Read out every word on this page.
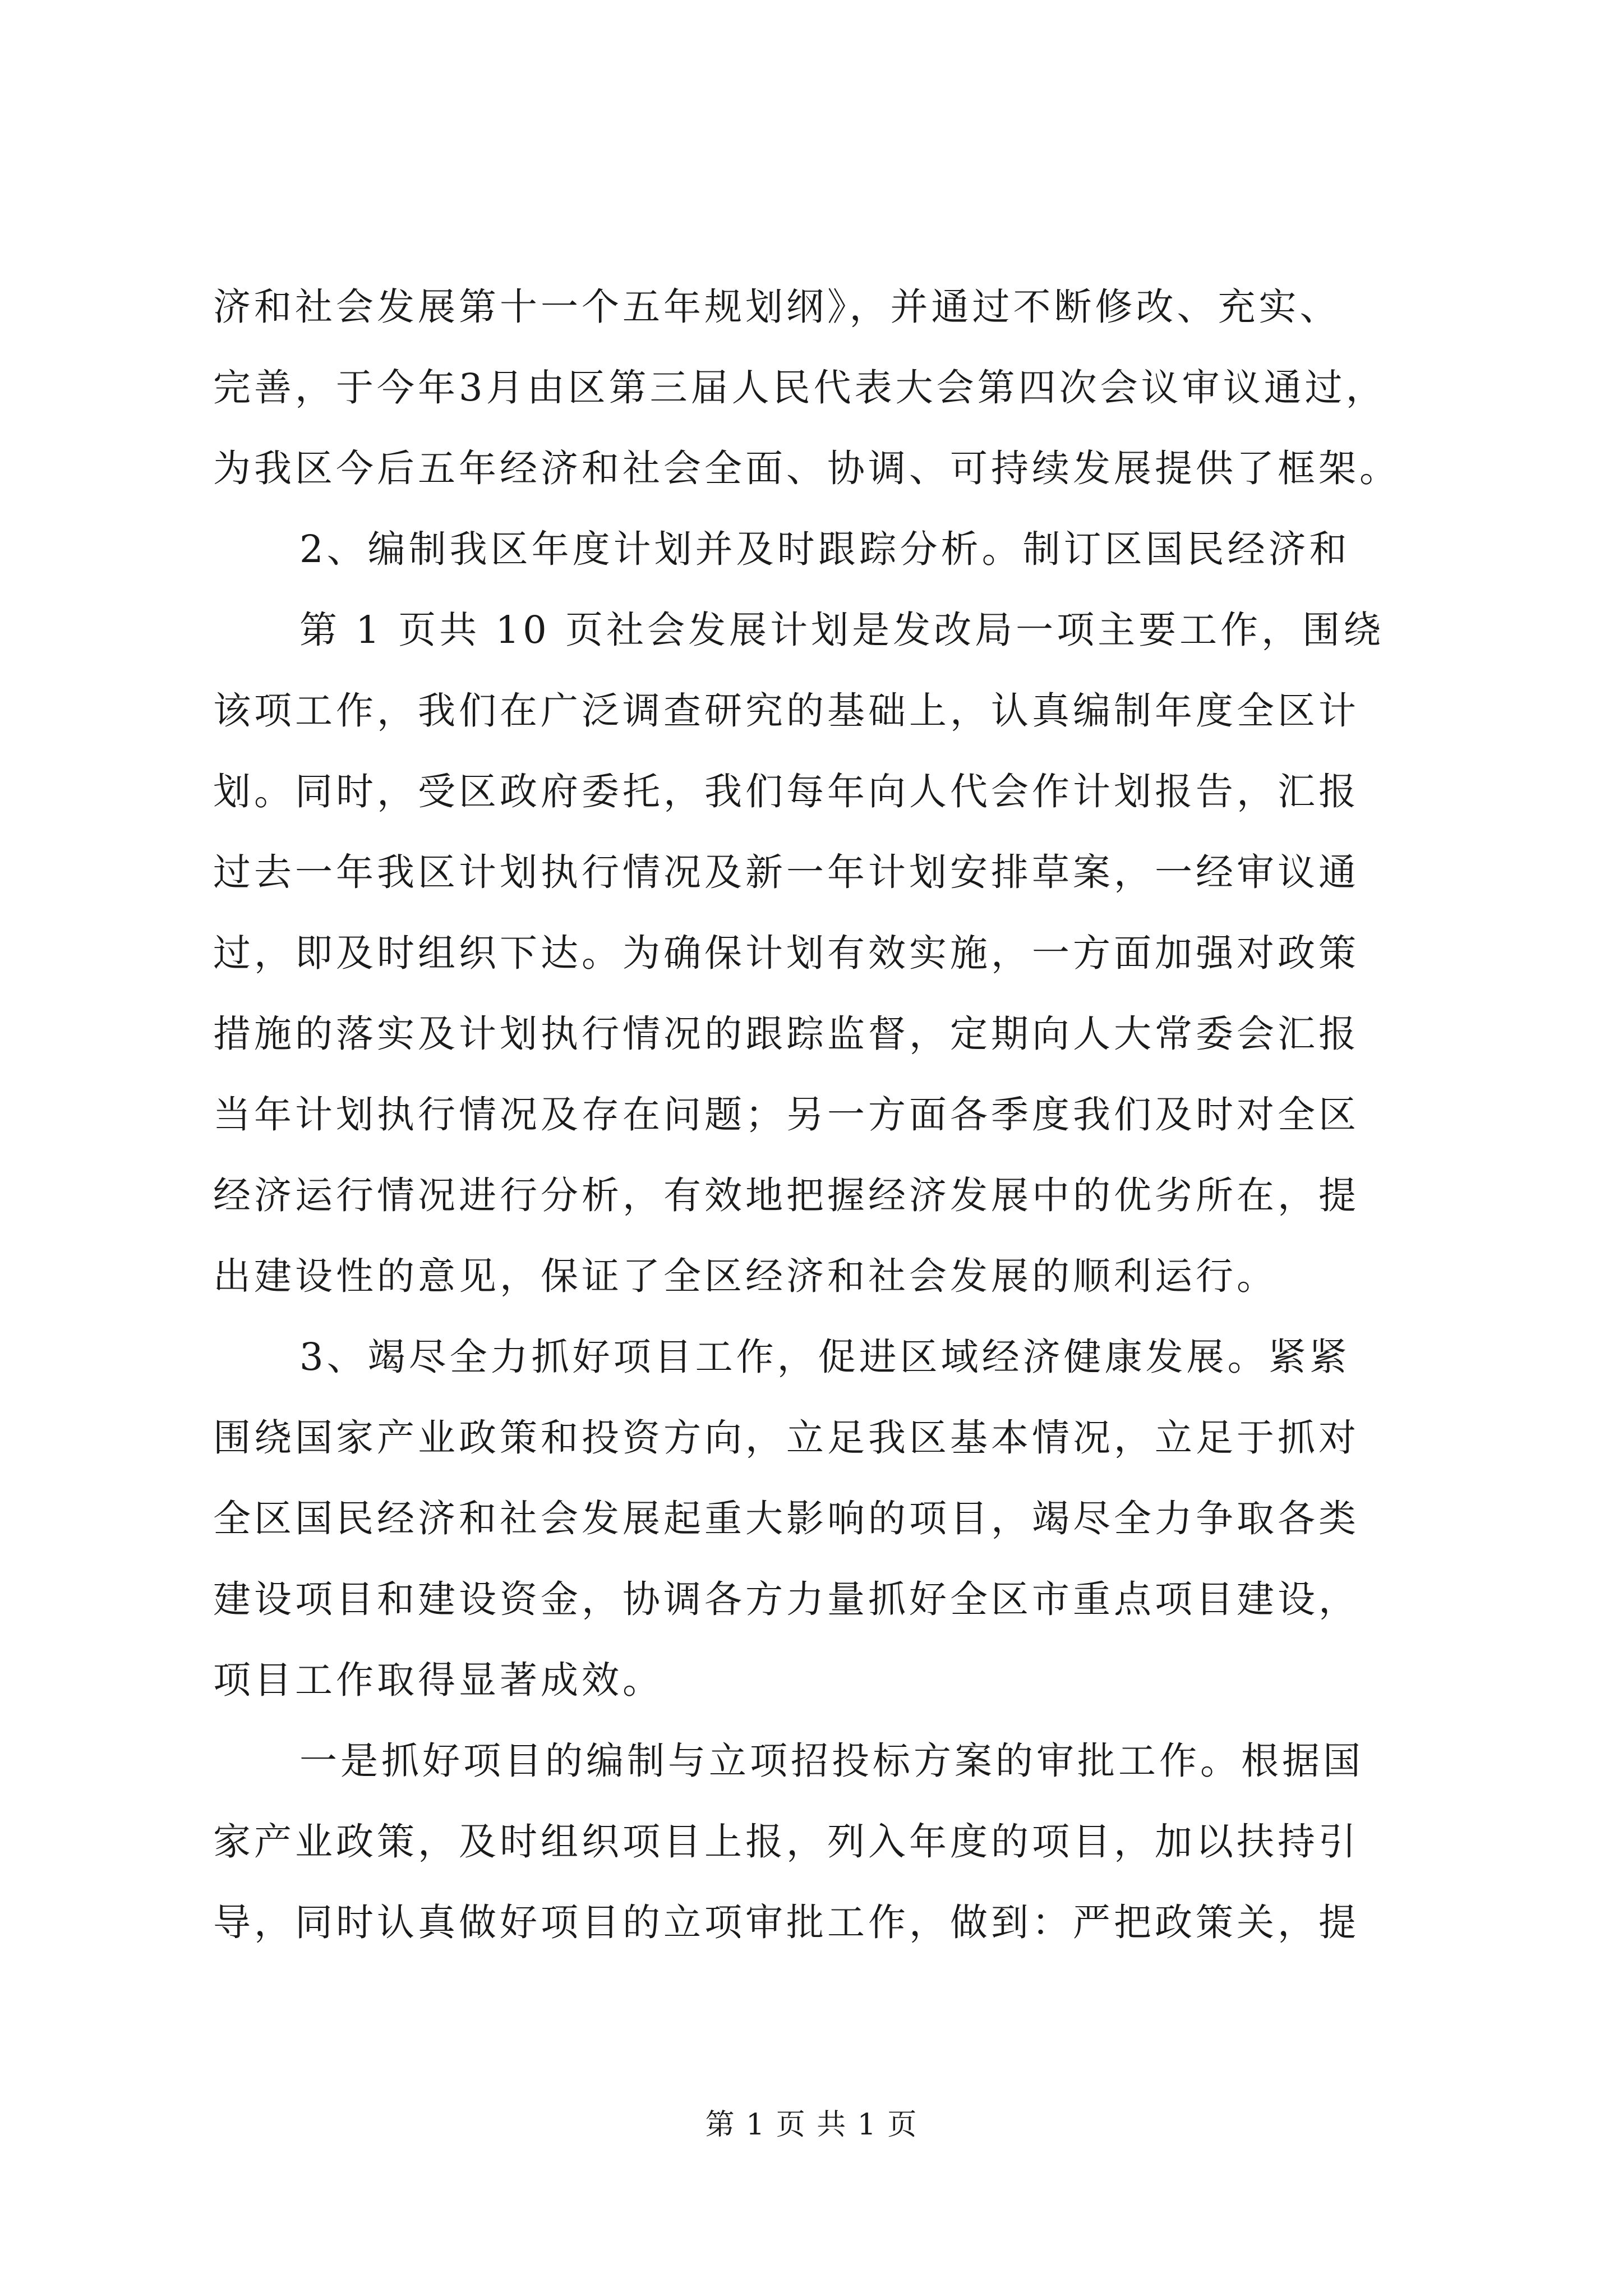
济和社会发展第十一个五年规划纲》，并通过不断修改、充实、
完善，于今年3月由区第三届人民代表大会第四次会议审议通过，
为我区今后五年经济和社会全面、协调、可持续发展提供了框架。
2、编制我区年度计划并及时跟踪分析。制订区国民经济和
第 1 页共 10 页社会发展计划是发改局一项主要工作，围绕
该项工作，我们在广泛调查研究的基础上，认真编制年度全区计
划。同时，受区政府委托，我们每年向人代会作计划报告，汇报
过去一年我区计划执行情况及新一年计划安排草案，一经审议通
过，即及时组织下达。为确保计划有效实施，一方面加强对政策
措施的落实及计划执行情况的跟踪监督，定期向人大常委会汇报
当年计划执行情况及存在问题；另一方面各季度我们及时对全区
经济运行情况进行分析，有效地把握经济发展中的优劣所在，提
出建设性的意见，保证了全区经济和社会发展的顺利运行。
3、竭尽全力抓好项目工作，促进区域经济健康发展。紧紧
围绕国家产业政策和投资方向，立足我区基本情况，立足于抓对
全区国民经济和社会发展起重大影响的项目，竭尽全力争取各类
建设项目和建设资金，协调各方力量抓好全区市重点项目建设，
项目工作取得显著成效。
一是抓好项目的编制与立项招投标方案的审批工作。根据国
家产业政策，及时组织项目上报，列入年度的项目，加以扶持引
导，同时认真做好项目的立项审批工作，做到：严把政策关，提
第 1 页 共 1 页
